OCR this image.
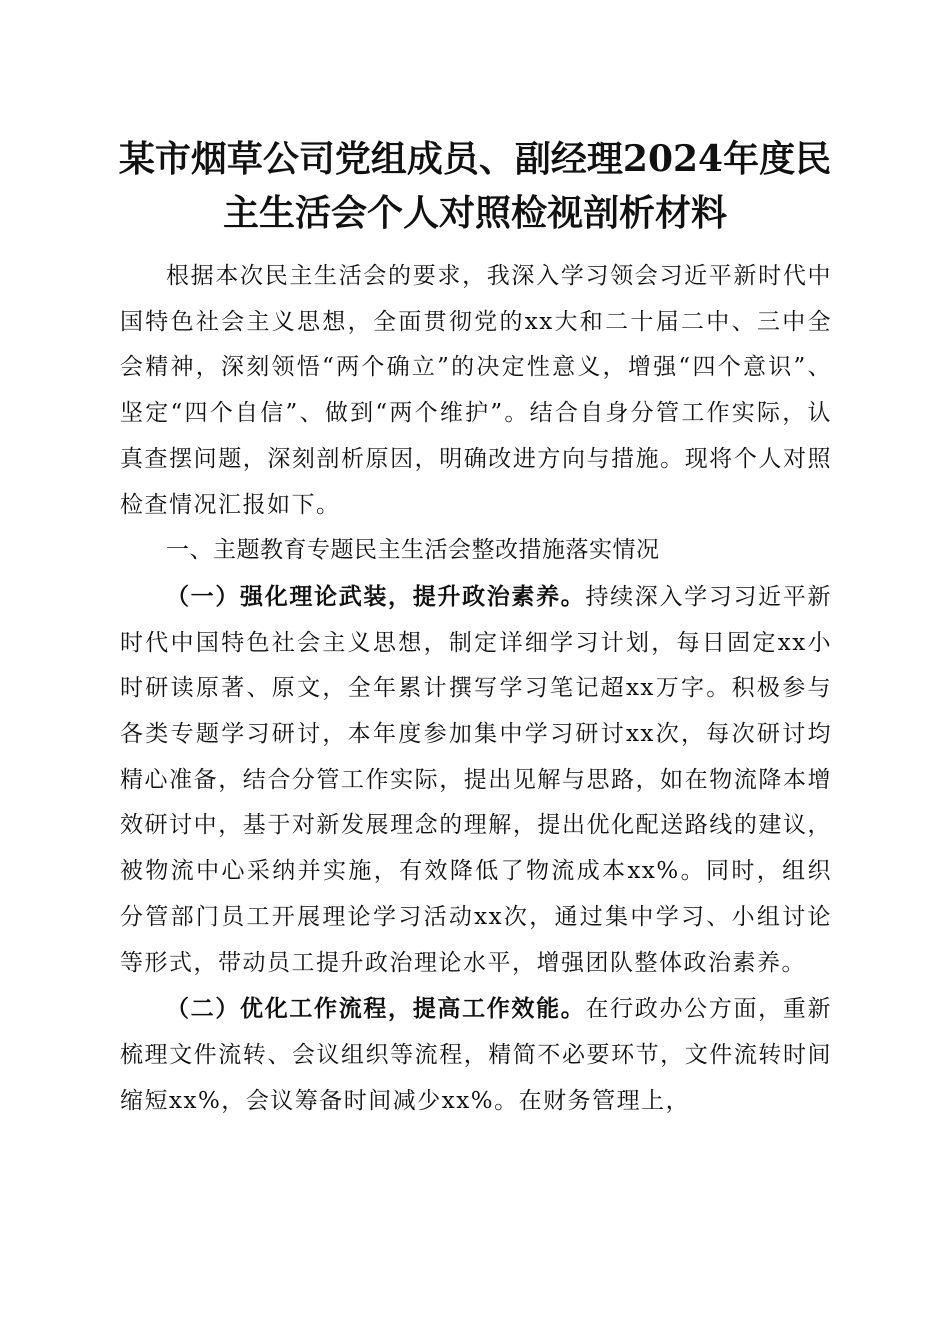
某市烟草公司党组成员、副经理2024年度民
主生活会个人对照检视剖析材料

根据本次民主生活会的要求，我深入学习领会习近平新时代中国特色社会主义思想，全面贯彻党的xx大和二十届二中、三中全会精神，深刻领悟“两个确立”的决定性意义，增强“四个意识”、坚定“四个自信”、做到“两个维护”。结合自身分管工作实际，认真查摆问题，深刻剖析原因，明确改进方向与措施。现将个人对照检查情况汇报如下。

一、主题教育专题民主生活会整改措施落实情况

（一）强化理论武装，提升政治素养。持续深入学习习近平新时代中国特色社会主义思想，制定详细学习计划，每日固定xx小时研读原著、原文，全年累计撰写学习笔记超xx万字。积极参与各类专题学习研讨，本年度参加集中学习研讨xx次，每次研讨均精心准备，结合分管工作实际，提出见解与思路，如在物流降本增效研讨中，基于对新发展理念的理解，提出优化配送路线的建议，被物流中心采纳并实施，有效降低了物流成本xx%。同时，组织分管部门员工开展理论学习活动xx次，通过集中学习、小组讨论等形式，带动员工提升政治理论水平，增强团队整体政治素养。

（二）优化工作流程，提高工作效能。在行政办公方面，重新梳理文件流转、会议组织等流程，精简不必要环节，文件流转时间缩短xx%，会议筹备时间减少xx%。在财务管理上，
